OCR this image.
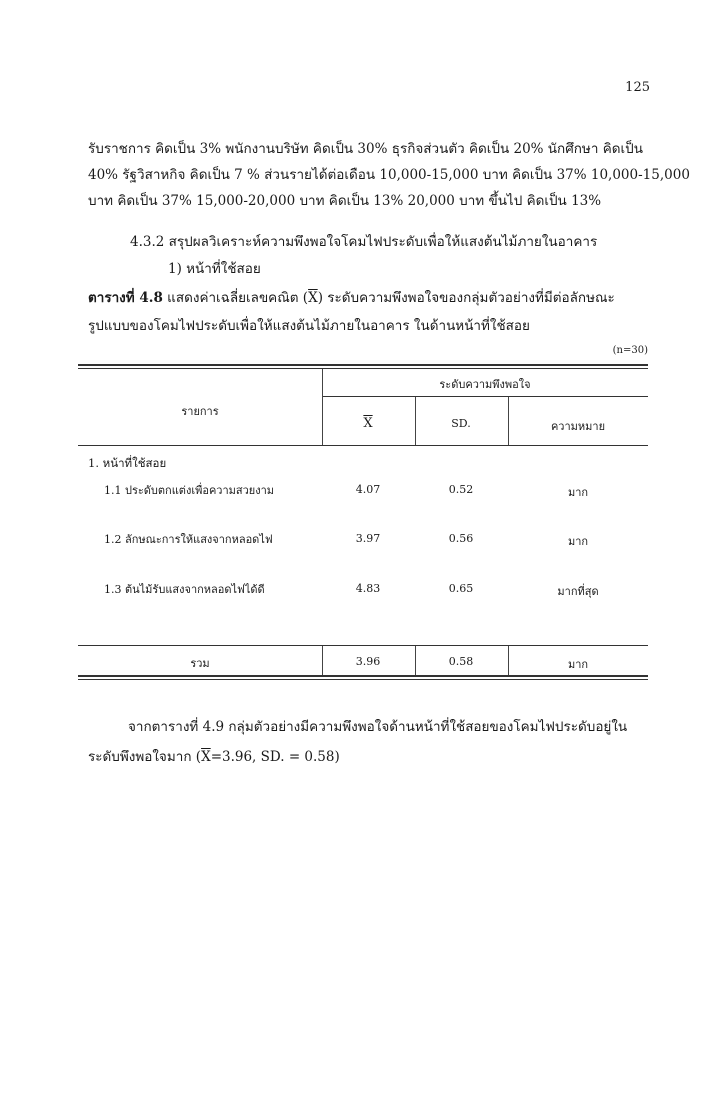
125
รับราชการ คิดเป็น 3% พนักงานบริษัท คิดเป็น 30% ธุรกิจส่วนตัว คิดเป็น 20% นักศึกษา คิดเป็น
40% รัฐวิสาหกิจ คิดเป็น 7 % ส่วนรายได้ต่อเดือน 10,000-15,000 บาท คิดเป็น 37% 10,000-15,000
บาท คิดเป็น 37% 15,000-20,000 บาท คิดเป็น 13% 20,000 บาท ขึ้นไป คิดเป็น 13%
4.3.2 สรุปผลวิเคราะห์ความพึงพอใจโคมไฟประดับเพื่อให้แสงต้นไม้ภายในอาคาร
1) หน้าที่ใช้สอย
ตารางที่ 4.8 แสดงค่าเฉลี่ยเลขคณิต $(\overline{X})$ ระดับความพึงพอใจของกลุ่มตัวอย่างที่มีต่อลักษณะ
รูปแบบของโคมไฟประดับเพื่อให้แสงต้นไม้ภายในอาคาร ในด้านหน้าที่ใช้สอย
(n=30)
ระดับความพึงพอใจ
รายการ
$\overline{X}$	SD.	ความหมาย
1. หน้าที่ใช้สอย
1.1 ประดับตกแต่งเพื่อความสวยงาม	4.07	0.52	มาก
1.2 ลักษณะการให้แสงจากหลอดไฟ	3.97	0.56	มาก
1.3 ต้นไม้รับแสงจากหลอดไฟได้ดี	4.83	0.65	มากที่สุด
รวม	3.96	0.58	มาก
จากตารางที่ 4.9 กลุ่มตัวอย่างมีความพึงพอใจด้านหน้าที่ใช้สอยของโคมไฟประดับอยู่ใน
ระดับพึงพอใจมาก ($\overline{X}=3.96$, SD. = 0.58)
